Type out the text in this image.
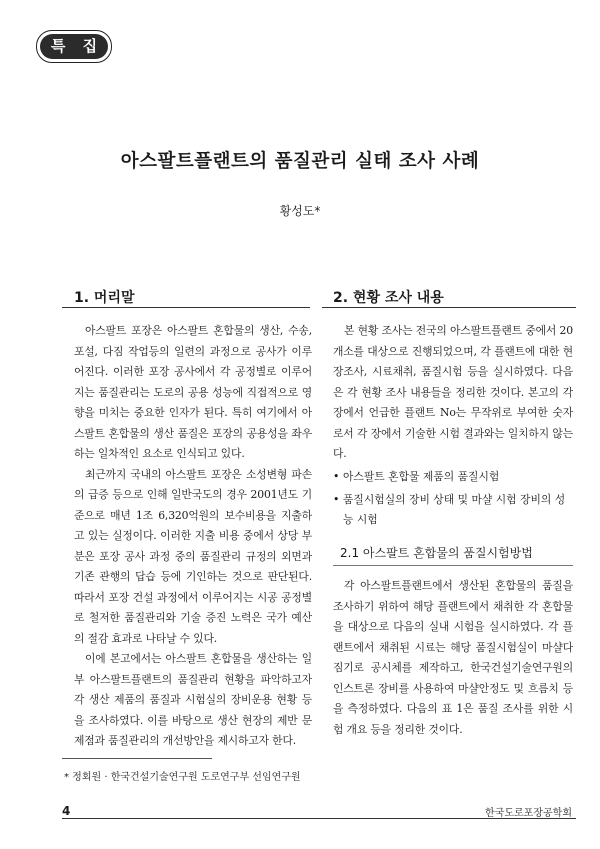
특 집
아스팔트플랜트의 품질관리 실태 조사 사례
황성도*
1. 머리말

아스팔트 포장은 아스팔트 혼합물의 생산, 수송, 포설, 다짐 작업등의 일련의 과정으로 공사가 이루어진다. 이러한 포장 공사에서 각 공정별로 이루어지는 품질관리는 도로의 공용 성능에 직접적으로 영향을 미치는 중요한 인자가 된다. 특히 여기에서 아스팔트 혼합물의 생산 품질은 포장의 공용성을 좌우하는 일차적인 요소로 인식되고 있다.

최근까지 국내의 아스팔트 포장은 소성변형 파손의 급증 등으로 인해 일반국도의 경우 2001년도 기준으로 매년 1조 6,320억원의 보수비용을 지출하고 있는 실정이다. 이러한 지출 비용 중에서 상당 부분은 포장 공사 과정 중의 품질관리 규정의 외면과 기존 관행의 답습 등에 기인하는 것으로 판단된다. 따라서 포장 건설 과정에서 이루어지는 시공 공정별로 철저한 품질관리와 기술 증진 노력은 국가 예산의 절감 효과로 나타날 수 있다.

이에 본고에서는 아스팔트 혼합물을 생산하는 일부 아스팔트플랜트의 품질관리 현황을 파악하고자 각 생산 제품의 품질과 시험실의 장비운용 현황 등을 조사하였다. 이를 바탕으로 생산 현장의 제반 문제점과 품질관리의 개선방안을 제시하고자 한다.

2. 현황 조사 내용

본 현황 조사는 전국의 아스팔트플랜트 중에서 20개소를 대상으로 진행되었으며, 각 플랜트에 대한 현장조사, 시료채취, 품질시험 등을 실시하였다. 다음은 각 현황 조사 내용들을 정리한 것이다. 본고의 각 장에서 언급한 플랜트 No는 무작위로 부여한 숫자로서 각 장에서 기술한 시험 결과와는 일치하지 않는다.

• 아스팔트 혼합물 제품의 품질시험
• 품질시험실의 장비 상태 및 마샬 시험 장비의 성능 시험
2.1 아스팔트 혼합물의 품질시험방법

각 아스팔트플랜트에서 생산된 혼합물의 품질을 조사하기 위하여 해당 플랜트에서 채취한 각 혼합물을 대상으로 다음의 실내 시험을 실시하였다. 각 플랜트에서 채취된 시료는 해당 품질시험실이 마샬다짐기로 공시체를 제작하고, 한국건설기술연구원의 인스트론 장비를 사용하여 마샬안정도 및 흐름치 등을 측정하였다. 다음의 표 1은 품질 조사를 위한 시험 개요 등을 정리한 것이다.

* 정회원 · 한국건설기술연구원 도로연구부 선임연구원
4	한국도로포장공학회
